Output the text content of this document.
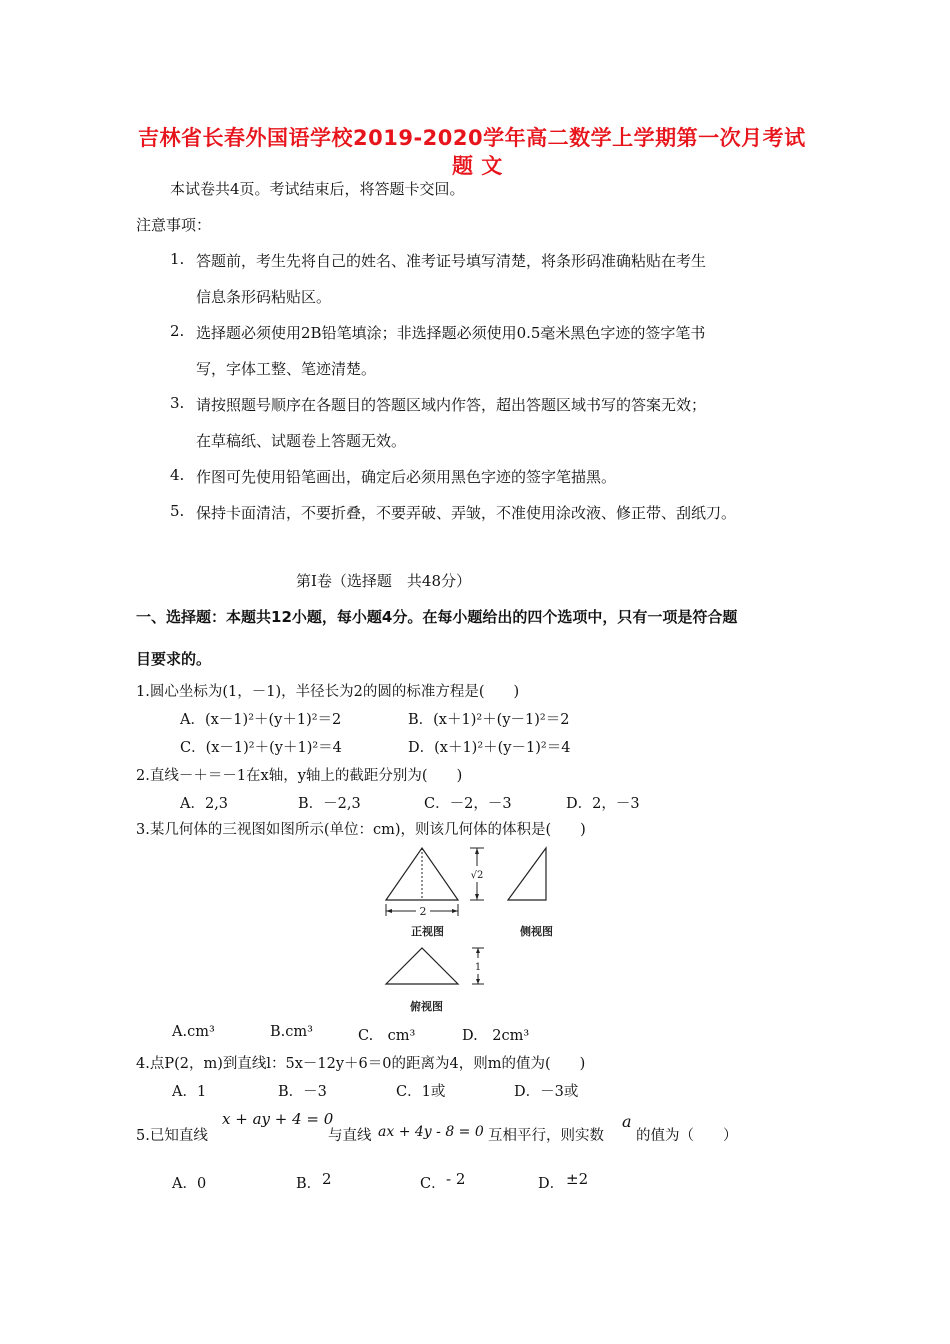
吉林省长春外国语学校2019-2020学年高二数学上学期第一次月考试
题 文
本试卷共4页。考试结束后，将答题卡交回。
注意事项：
1. 答题前，考生先将自己的姓名、准考证号填写清楚，将条形码准确粘贴在考生
信息条形码粘贴区。
2. 选择题必须使用2B铅笔填涂；非选择题必须使用0.5毫米黑色字迹的签字笔书
写，字体工整、笔迹清楚。
3. 请按照题号顺序在各题目的答题区域内作答，超出答题区域书写的答案无效；
在草稿纸、试题卷上答题无效。
4. 作图可先使用铅笔画出，确定后必须用黑色字迹的签字笔描黑。
5. 保持卡面清洁，不要折叠，不要弄破、弄皱，不准使用涂改液、修正带、刮纸刀。
第Ⅰ卷（选择题　共48分）
一、选择题：本题共12小题，每小题4分。在每小题给出的四个选项中，只有一项是符合题
目要求的。
1.圆心坐标为(1，－1)，半径长为2的圆的标准方程是(　　)
A．(x－1)²＋(y＋1)²＝2	B．(x＋1)²＋(y－1)²＝2
C．(x－1)²＋(y＋1)²＝4	D．(x＋1)²＋(y－1)²＝4
2.直线－＋＝－1在x轴，y轴上的截距分别为(　　)
A．2,3	B．－2,3	C．－2，－3	D．2，－3
3.某几何体的三视图如图所示(单位：cm)，则该几何体的体积是(　　)
2
√2
1
正视图	侧视图
俯视图
A.cm³	B.cm³	C.　cm³	D.　2cm³
4.点P(2，m)到直线l：5x－12y＋6＝0的距离为4，则m的值为(　　)
A．1	B．－3	C．1或	D．－3或
5.已知直线
x + ay + 4 = 0
与直线 ax + 4y - 8 = 0 互相平行，则实数
a
的值为（　　）
A．0	B． 2	C． - 2	D． ±2
